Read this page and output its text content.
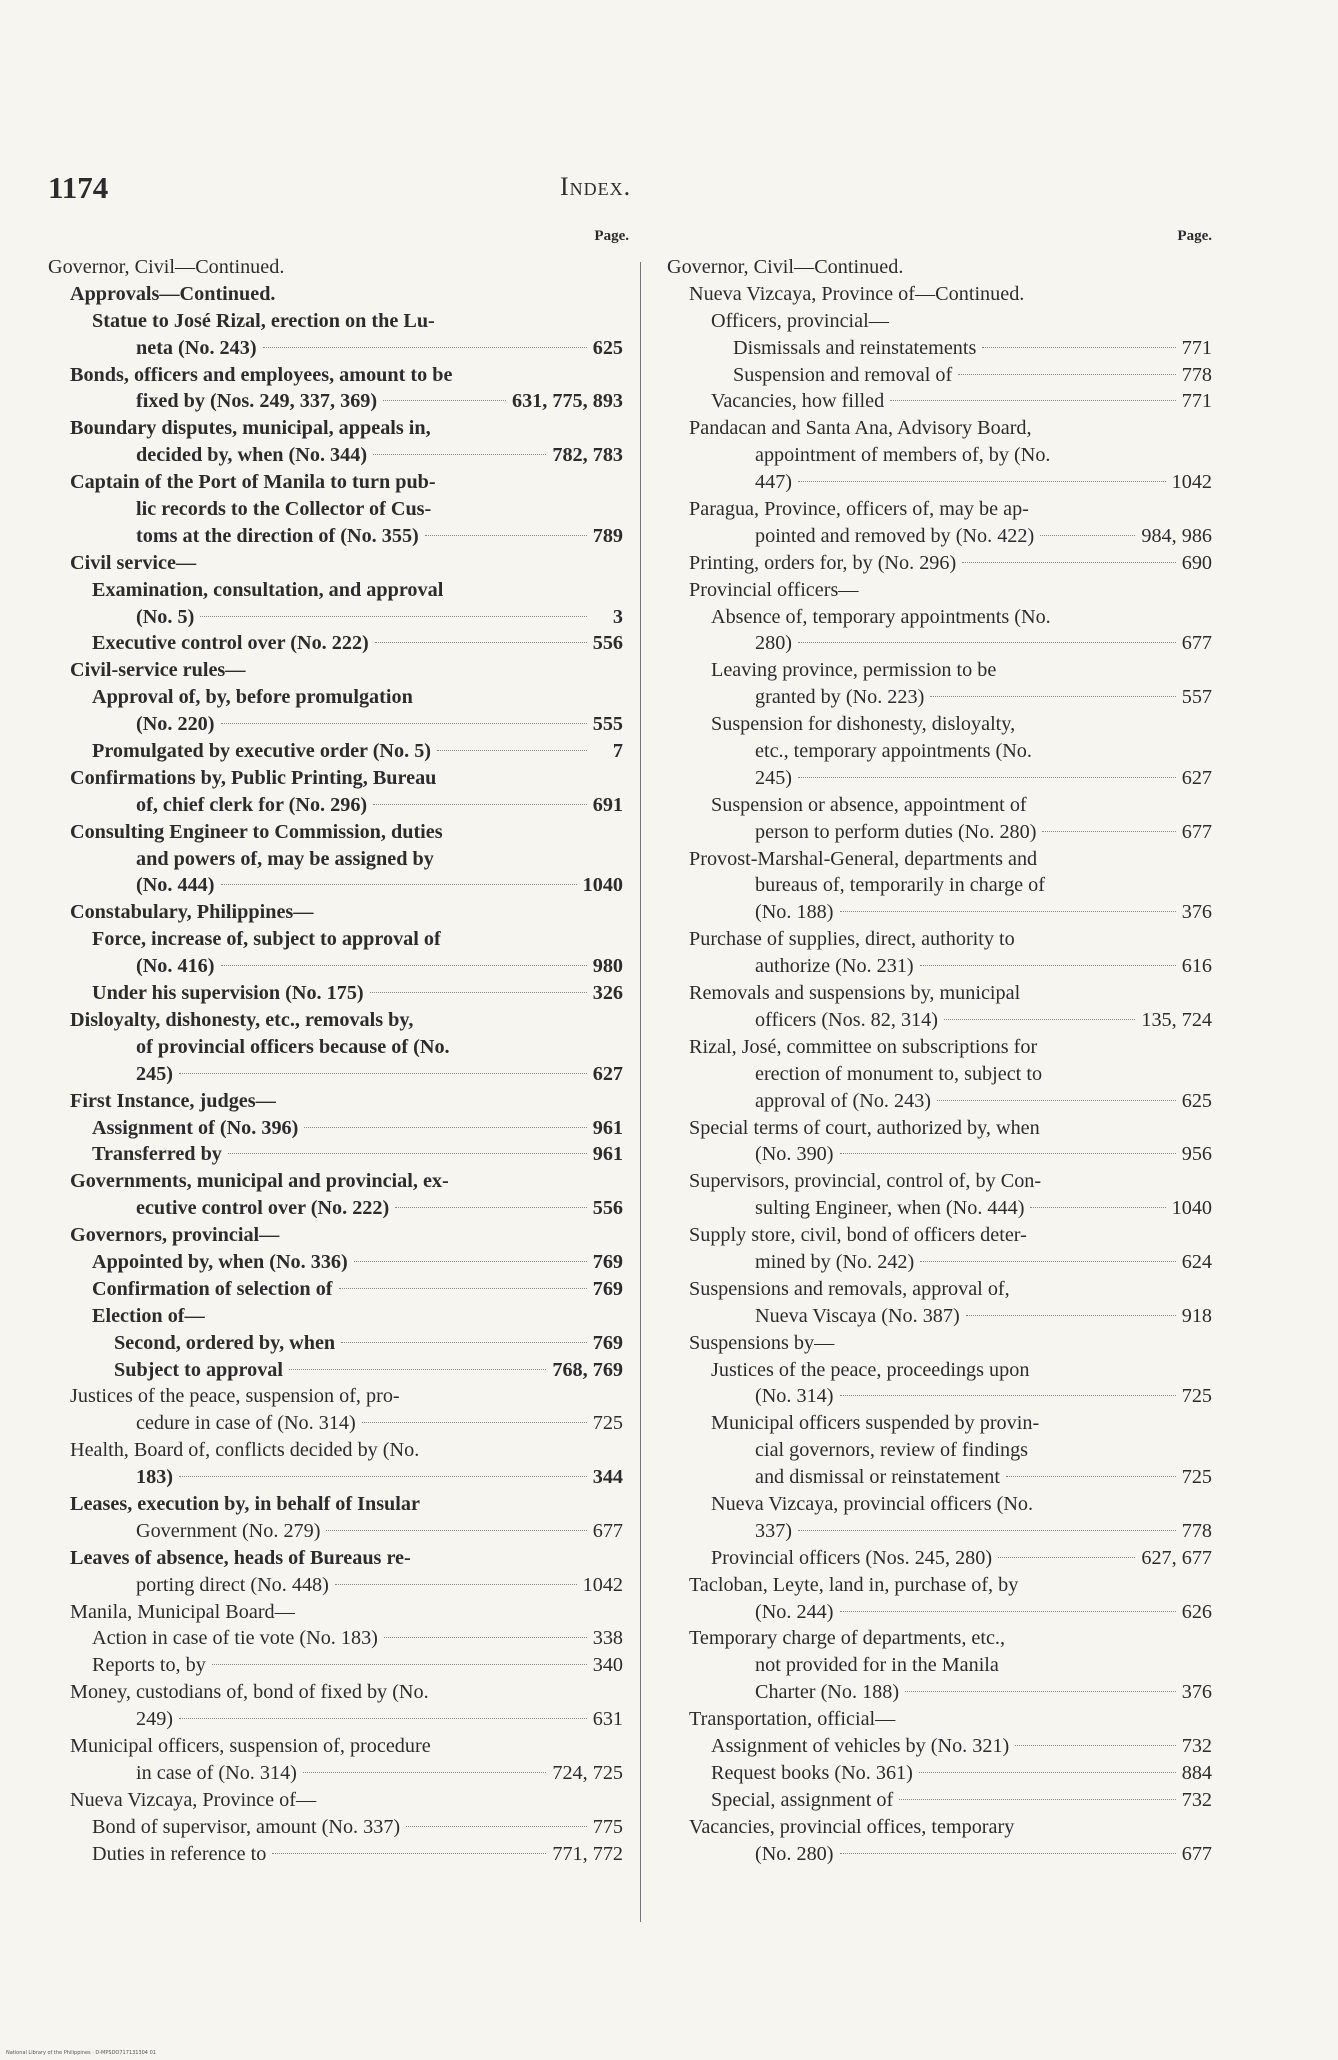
1174	Index.
Page.
Governor, Civil—Continued.
Approvals—Continued.
Statue to José Rizal, erection on the Lu-
neta (No. 243)	625
Bonds, officers and employees, amount to be
fixed by (Nos. 249, 337, 369)	631, 775, 893
Boundary disputes, municipal, appeals in,
decided by, when (No. 344)	782, 783
Captain of the Port of Manila to turn pub-
lic records to the Collector of Cus-
toms at the direction of (No. 355)	789
Civil service—
Examination, consultation, and approval
(No. 5)	3
Executive control over (No. 222)	556
Civil-service rules—
Approval of, by, before promulgation
(No. 220)	555
Promulgated by executive order (No. 5)	7
Confirmations by, Public Printing, Bureau
of, chief clerk for (No. 296)	691
Consulting Engineer to Commission, duties
and powers of, may be assigned by
(No. 444)	1040
Constabulary, Philippines—
Force, increase of, subject to approval of
(No. 416)	980
Under his supervision (No. 175)	326
Disloyalty, dishonesty, etc., removals by,
of provincial officers because of (No.
245)	627
First Instance, judges—
Assignment of (No. 396)	961
Transferred by	961
Governments, municipal and provincial, ex-
ecutive control over (No. 222)	556
Governors, provincial—
Appointed by, when (No. 336)	769
Confirmation of selection of	769
Election of—
Second, ordered by, when	769
Subject to approval	768, 769
Justices of the peace, suspension of, pro-
cedure in case of (No. 314)	725
Health, Board of, conflicts decided by (No.
183)	344
Leases, execution by, in behalf of Insular
Government (No. 279)	677
Leaves of absence, heads of Bureaus re-
porting direct (No. 448)	1042
Manila, Municipal Board—
Action in case of tie vote (No. 183)	338
Reports to, by	340
Money, custodians of, bond of fixed by (No.
249)	631
Municipal officers, suspension of, procedure
in case of (No. 314)	724, 725
Nueva Vizcaya, Province of—
Bond of supervisor, amount (No. 337)	775
Duties in reference to	771, 772
Page.
Governor, Civil—Continued.
Nueva Vizcaya, Province of—Continued.
Officers, provincial—
Dismissals and reinstatements	771
Suspension and removal of	778
Vacancies, how filled	771
Pandacan and Santa Ana, Advisory Board,
appointment of members of, by (No.
447)	1042
Paragua, Province, officers of, may be ap-
pointed and removed by (No. 422)	984, 986
Printing, orders for, by (No. 296)	690
Provincial officers—
Absence of, temporary appointments (No.
280)	677
Leaving province, permission to be
granted by (No. 223)	557
Suspension for dishonesty, disloyalty,
etc., temporary appointments (No.
245)	627
Suspension or absence, appointment of
person to perform duties (No. 280)	677
Provost-Marshal-General, departments and
bureaus of, temporarily in charge of
(No. 188)	376
Purchase of supplies, direct, authority to
authorize (No. 231)	616
Removals and suspensions by, municipal
officers (Nos. 82, 314)	135, 724
Rizal, José, committee on subscriptions for
erection of monument to, subject to
approval of (No. 243)	625
Special terms of court, authorized by, when
(No. 390)	956
Supervisors, provincial, control of, by Con-
sulting Engineer, when (No. 444)	1040
Supply store, civil, bond of officers deter-
mined by (No. 242)	624
Suspensions and removals, approval of,
Nueva Viscaya (No. 387)	918
Suspensions by—
Justices of the peace, proceedings upon
(No. 314)	725
Municipal officers suspended by provin-
cial governors, review of findings
and dismissal or reinstatement	725
Nueva Vizcaya, provincial officers (No.
337)	778
Provincial officers (Nos. 245, 280)	627, 677
Tacloban, Leyte, land in, purchase of, by
(No. 244)	626
Temporary charge of departments, etc.,
not provided for in the Manila
Charter (No. 188)	376
Transportation, official—
Assignment of vehicles by (No. 321)	732
Request books (No. 361)	884
Special, assignment of	732
Vacancies, provincial offices, temporary
(No. 280)	677
National Library of the Philippines · D-MPSDO717131304 01
